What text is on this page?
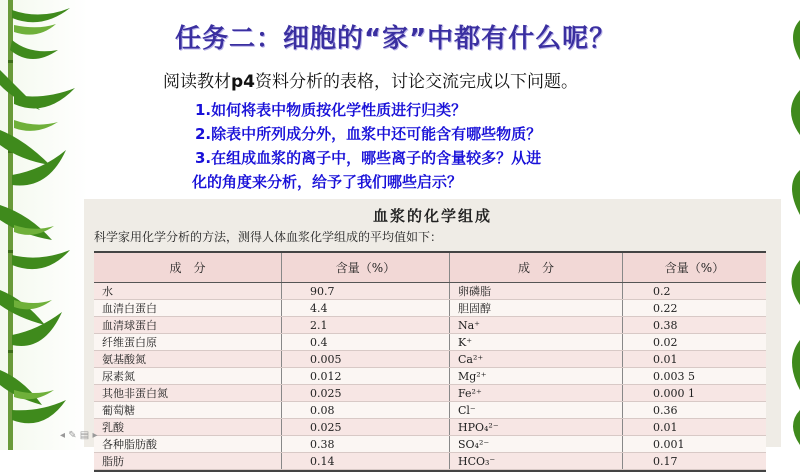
任务二：细胞的“家”中都有什么呢？
阅读教材p4资料分析的表格，讨论交流完成以下问题。
1.如何将表中物质按化学性质进行归类？
2.除表中所列成分外，血浆中还可能含有哪些物质？
3.在组成血浆的离子中，哪些离子的含量较多？从进
化的角度来分析，给予了我们哪些启示？
血浆的化学组成
科学家用化学分析的方法，测得人体血浆化学组成的平均值如下：
成　分	含量（%）	成　分	含量（%）
水	90.7	卵磷脂	0.2
血清白蛋白	4.4	胆固醇	0.22
血清球蛋白	2.1	Na⁺	0.38
纤维蛋白原	0.4	K⁺	0.02
氨基酸氮	0.005	Ca²⁺	0.01
尿素氮	0.012	Mg²⁺	0.003 5
其他非蛋白氮	0.025	Fe²⁺	0.000 1
葡萄糖	0.08	Cl⁻	0.36
乳酸	0.025	HPO₄²⁻	0.01
各种脂肪酸	0.38	SO₄²⁻	0.001
脂肪	0.14	HCO₃⁻	0.17
◂ ✎ ▤ ▸
